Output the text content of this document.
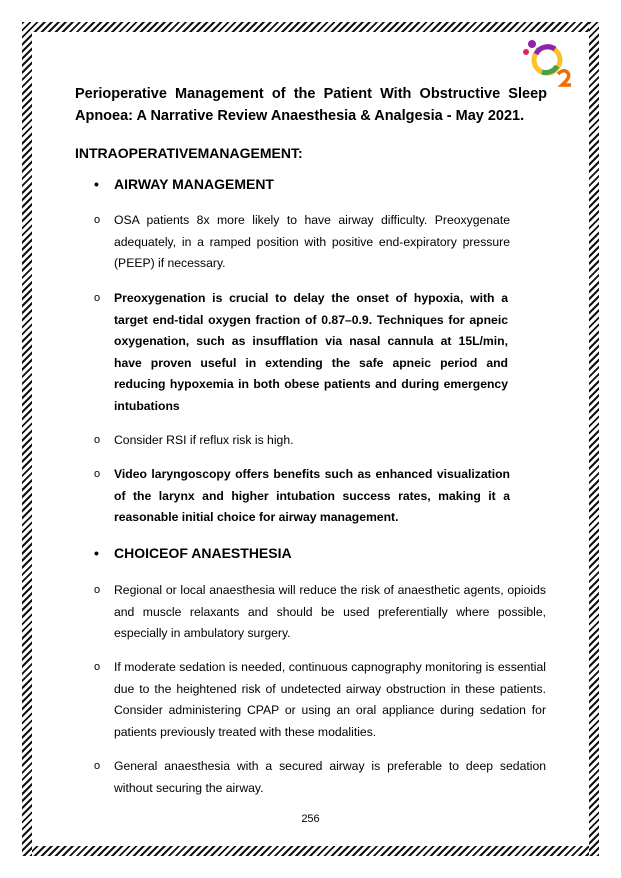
Perioperative Management of the Patient With Obstructive Sleep Apnoea: A Narrative Review Anaesthesia & Analgesia - May 2021.
INTRAOPERATIVEMANAGEMENT:
• AIRWAY MANAGEMENT
o OSA patients 8x more likely to have airway difficulty. Preoxygenate adequately, in a ramped position with positive end-expiratory pressure (PEEP) if necessary.
o Preoxygenation is crucial to delay the onset of hypoxia, with a target end-tidal oxygen fraction of 0.87–0.9. Techniques for apneic oxygenation, such as insufflation via nasal cannula at 15L/min, have proven useful in extending the safe apneic period and reducing hypoxemia in both obese patients and during emergency intubations
o Consider RSI if reflux risk is high.
o Video laryngoscopy offers benefits such as enhanced visualization of the larynx and higher intubation success rates, making it a reasonable initial choice for airway management.
• CHOICEOF ANAESTHESIA
o Regional or local anaesthesia will reduce the risk of anaesthetic agents, opioids and muscle relaxants and should be used preferentially where possible, especially in ambulatory surgery.
o If moderate sedation is needed, continuous capnography monitoring is essential due to the heightened risk of undetected airway obstruction in these patients. Consider administering CPAP or using an oral appliance during sedation for patients previously treated with these modalities.
o General anaesthesia with a secured airway is preferable to deep sedation without securing the airway.
256
